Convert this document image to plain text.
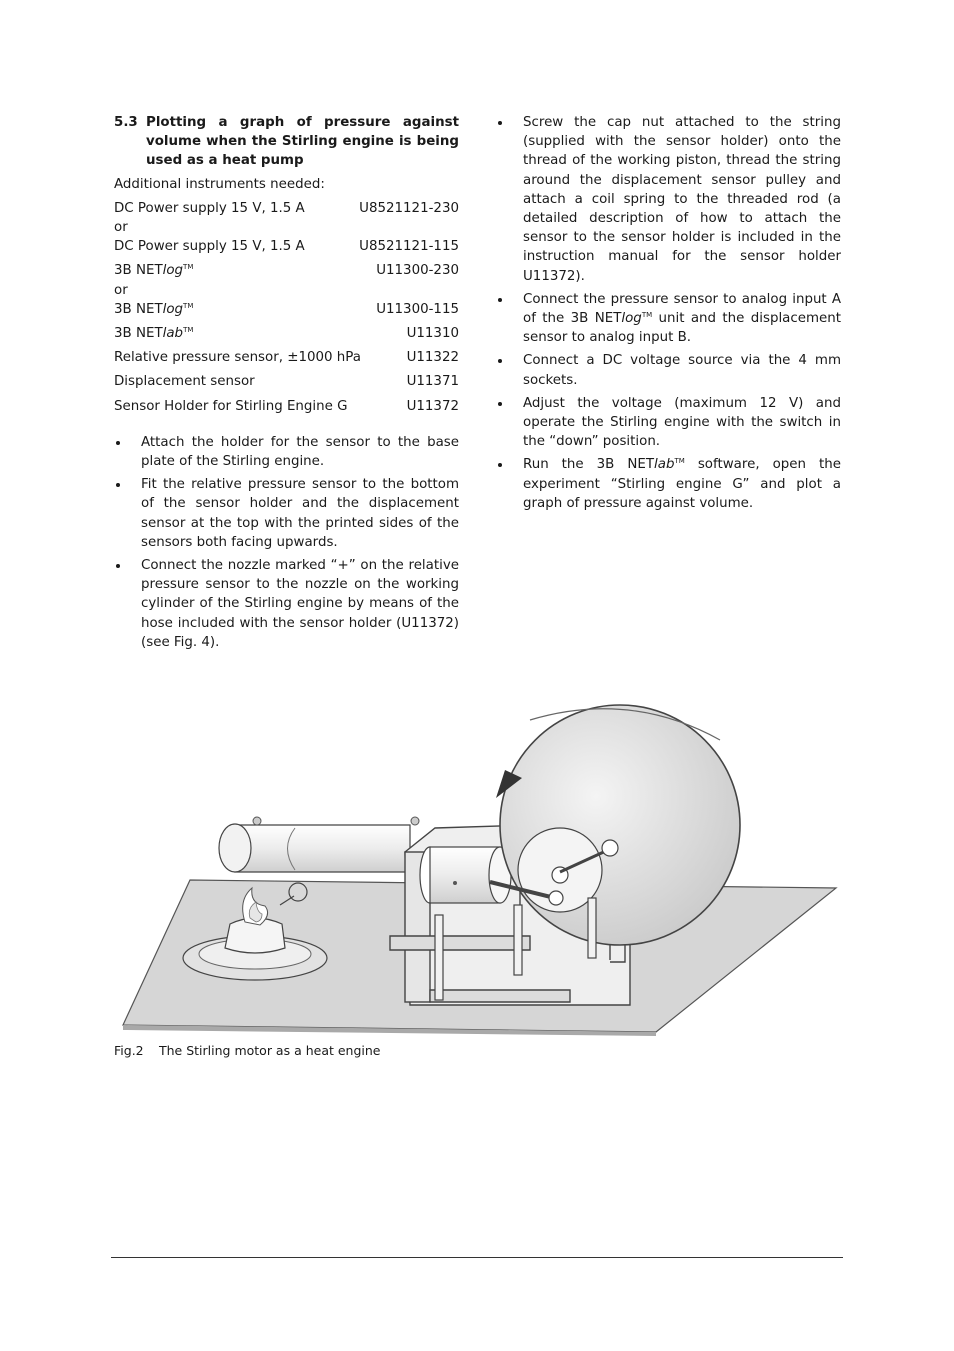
5.3 Plotting a graph of pressure against volume when the Stirling engine is being used as a heat pump
Additional instruments needed:
DC Power supply 15 V, 1.5 A	U8521121-230
or
DC Power supply 15 V, 1.5 A	U8521121-115
3B NETlog™	U11300-230
or
3B NETlog™	U11300-115
3B NETlab™	U11310
Relative pressure sensor, ±1000 hPa	U11322
Displacement sensor	U11371
Sensor Holder for Stirling Engine G	U11372
Attach the holder for the sensor to the base plate of the Stirling engine.
Fit the relative pressure sensor to the bottom of the sensor holder and the displacement sensor at the top with the printed sides of the sensors both facing upwards.
Connect the nozzle marked “+” on the relative pressure sensor to the nozzle on the working cylinder of the Stirling engine by means of the hose included with the sensor holder (U11372) (see Fig. 4).
Screw the cap nut attached to the string (supplied with the sensor holder) onto the thread of the working piston, thread the string around the displacement sensor pulley and attach a coil spring to the threaded rod (a detailed description of how to attach the sensor to the sensor holder is included in the instruction manual for the sensor holder U11372).
Connect the pressure sensor to analog input A of the 3B NETlog™ unit and the displacement sensor to analog input B.
Connect a DC voltage source via the 4 mm sockets.
Adjust the voltage (maximum 12 V) and operate the Stirling engine with the switch in the “down” position.
Run the 3B NETlab™ software, open the experiment “Stirling engine G” and plot a graph of pressure against volume.
Fig.2	The Stirling motor as a heat engine
